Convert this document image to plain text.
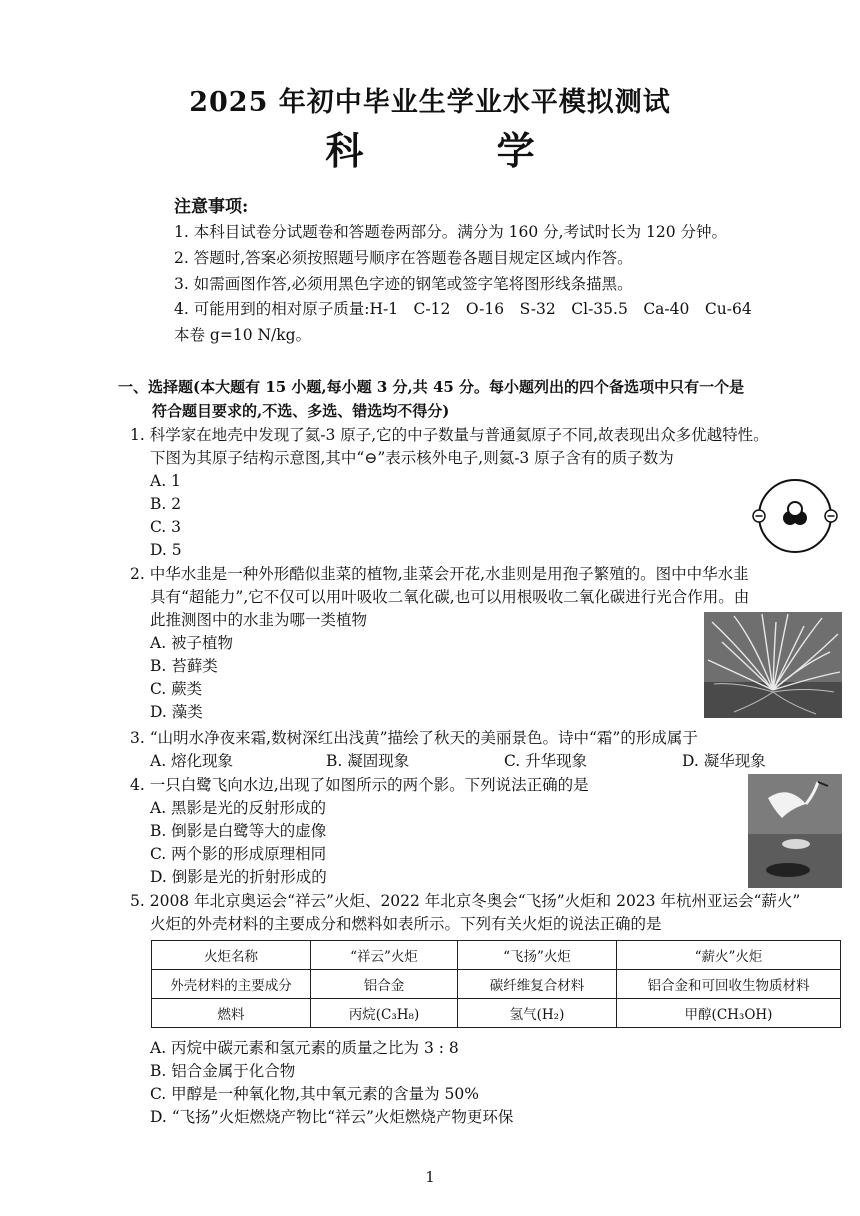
2025 年初中毕业生学业水平模拟测试
科 学
注意事项:
1. 本科目试卷分试题卷和答题卷两部分。满分为 160 分,考试时长为 120 分钟。
2. 答题时,答案必须按照题号顺序在答题卷各题目规定区域内作答。
3. 如需画图作答,必须用黑色字迹的钢笔或签字笔将图形线条描黑。
4. 可能用到的相对原子质量:H-1　C-12　O-16　S-32　Cl-35.5　Ca-40　Cu-64
本卷 g=10 N/kg。
一、选择题(本大题有 15 小题,每小题 3 分,共 45 分。每小题列出的四个备选项中只有一个是
符合题目要求的,不选、多选、错选均不得分)
1. 科学家在地壳中发现了氦-3 原子,它的中子数量与普通氦原子不同,故表现出众多优越特性。
下图为其原子结构示意图,其中“⊖”表示核外电子,则氦-3 原子含有的质子数为
A. 1
B. 2
C. 3
D. 5
2. 中华水韭是一种外形酷似韭菜的植物,韭菜会开花,水韭则是用孢子繁殖的。图中中华水韭
具有“超能力”,它不仅可以用叶吸收二氧化碳,也可以用根吸收二氧化碳进行光合作用。由
此推测图中的水韭为哪一类植物
A. 被子植物
B. 苔藓类
C. 蕨类
D. 藻类
3. “山明水净夜来霜,数树深红出浅黄”描绘了秋天的美丽景色。诗中“霜”的形成属于
A. 熔化现象	B. 凝固现象	C. 升华现象	D. 凝华现象
4. 一只白鹭飞向水边,出现了如图所示的两个影。下列说法正确的是
A. 黑影是光的反射形成的
B. 倒影是白鹭等大的虚像
C. 两个影的形成原理相同
D. 倒影是光的折射形成的
5. 2008 年北京奥运会“祥云”火炬、2022 年北京冬奥会“飞扬”火炬和 2023 年杭州亚运会“薪火”
火炬的外壳材料的主要成分和燃料如表所示。下列有关火炬的说法正确的是
火炬名称	“祥云”火炬	“飞扬”火炬	“薪火”火炬
外壳材料的主要成分	铝合金	碳纤维复合材料	铝合金和可回收生物质材料
燃料	丙烷(C₃H₈)	氢气(H₂)	甲醇(CH₃OH)
A. 丙烷中碳元素和氢元素的质量之比为 3 : 8
B. 铝合金属于化合物
C. 甲醇是一种氧化物,其中氧元素的含量为 50%
D. “飞扬”火炬燃烧产物比“祥云”火炬燃烧产物更环保
1
